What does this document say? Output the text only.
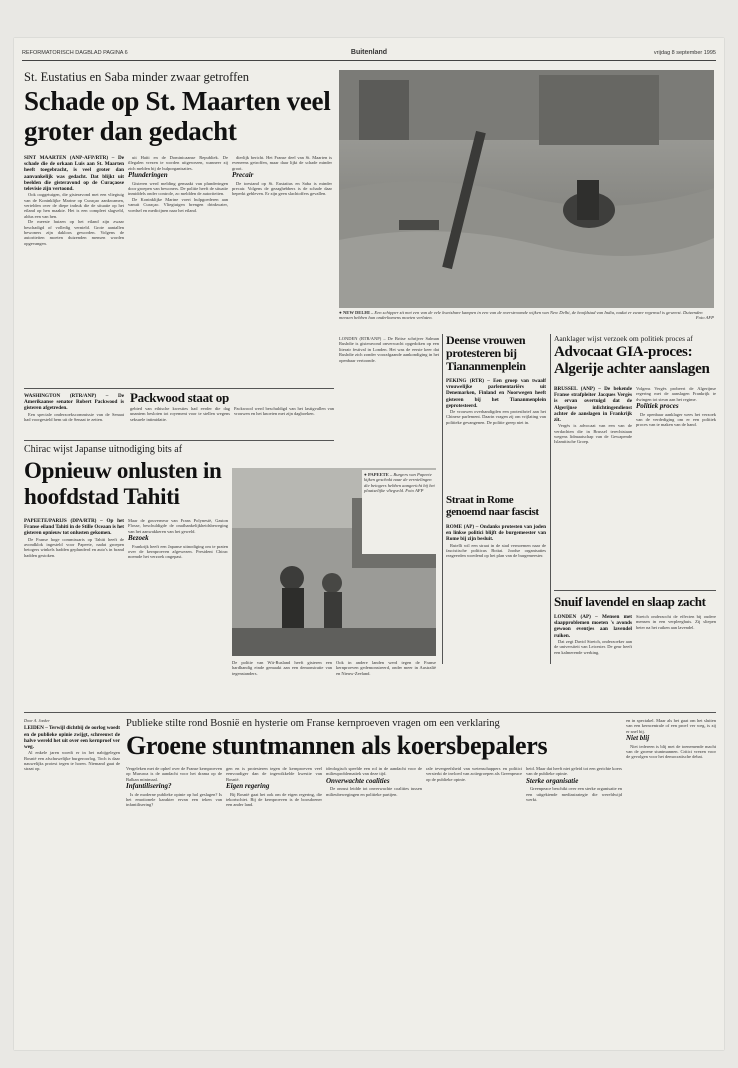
REFORMATORISCH DAGBLAD PAGINA 6	Buitenland	vrijdag 8 september 1995
St. Eustatius en Saba minder zwaar getroffen
Schade op St. Maarten veel groter dan gedacht
SINT MAARTEN (ANP-AFP/RTR) – De schade die de orkaan Luis aan St. Maarten heeft toegebracht, is veel groter dan aanvankelijk was gedacht. Dat blijkt uit beelden die gisteravond op de Curaçaose televisie zijn vertoond.

Ook ooggetuigen, die gisteravond met een vliegtuig van de Koninklijke Marine op Curaçao aankwamen, vertelden over de diepe indruk die de situatie op het eiland op hen maakte. Het is een compleet slagveld, aldus een van hen.

De meeste huizen op het eiland zijn zwaar beschadigd of volledig vernield. Grote aantallen bewoners zijn dakloos geworden. Volgens de autoriteiten moeten duizenden mensen worden opgevangen.

uit Haïti en de Dominicaanse Republiek. De illegalen vrezen te worden uitgewezen, wanneer zij zich melden bij de hulporganisaties.

Plunderingen

Gisteren werd melding gemaakt van plunderingen door groepen van bewoners. De politie heeft de situatie inmiddels onder controle, zo meldden de autoriteiten.

De Koninklijke Marine voert hulpgoederen aan vanuit Curaçao. Vliegtuigen brengen drinkwater, voedsel en medicijnen naar het eiland.

dierlijk bericht. Het Franse deel van St. Maarten is eveneens getroffen, maar daar lijkt de schade minder groot.

Precair

De toestand op St. Eustatius en Saba is minder precair. Volgens de gezaghebbers is de schade daar beperkt gebleven. Er zijn geen slachtoffers gevallen.

● NEW DELHI – Een schipper zit met een van de vele kwetsbare kampen in een van de overstroomde wijken van New Delhi, de hoofdstad van India, nadat er zware regenval is geweest. Duizenden mensen hebben hun onderkomens moeten verlaten.	Foto AFP

LONDEN (RTR/ANP) – De Britse schrijver Salman Rushdie is gisteravond onverwacht opgedoken op een literair festival in Londen. Het was de eerste keer dat Rushdie zich zonder voorafgaande aankondiging in het openbaar vertoonde.

WASHINGTON (RTR/ANP) – De Amerikaanse senator Robert Packwood is gisteren afgetreden.

Een speciale onderzoekscommissie van de Senaat had voorgesteld hem uit de Senaat te zetten.

Packwood staat op

gebied van ethische kwesties had eerder die dag unaniem besloten tot royement voor te stellen wegens seksuele intimidatie.

Packwood werd beschuldigd van het lastigvallen van vrouwen en het knoeien met zijn dagboeken.

Deense vrouwen protesteren bij Tiananmenplein
PEKING (RTR) – Een groep van twaalf vrouwelijke parlementariërs uit Denemarken, Finland en Noorwegen heeft gisteren bij het Tiananmenplein geprotesteerd.

De vrouwen overhandigden een protestbrief aan het Chinese parlement. Daarin vragen zij om vrijlating van politieke gevangenen. De politie greep niet in.

Aanklager wijst verzoek om politiek proces af
Advocaat GIA-proces: Algerije achter aanslagen
BRUSSEL (ANP) – De bekende Franse strafpleiter Jacques Vergès is ervan overtuigd dat de Algerijnse inlichtingendienst achter de aanslagen in Frankrijk zit.

Vergès is advocaat van een van de verdachten die in Brussel terechtstaan wegens lidmaatschap van de Gewapende Islamitische Groep.

Volgens Vergès probeert de Algerijnse regering met de aanslagen Frankrijk te dwingen tot steun aan het regime.

Politiek proces

De openbaar aanklager wees het verzoek van de verdediging om er een politiek proces van te maken van de hand.

Chirac wijst Japanse uitnodiging bits af
Opnieuw onlusten in hoofdstad Tahiti
PAPEETE/PARIJS (DPA/RTR) – Op het Franse eiland Tahiti in de Stille Oceaan is het gisteren opnieuw tot onlusten gekomen.

De Franse hoge commissaris op Tahiti heeft de avondklok ingesteld voor Papeete, nadat groepen betogers winkels hadden geplunderd en auto's in brand hadden gestoken.

Maar de gouverneur van Frans Polynesië, Gaston Flosse, beschuldigde de onafhankelijkheidsbeweging van het aanwakkeren van het geweld.

Bezoek

Frankrijk heeft een Japanse uitnodiging om te praten over de kernproeven afgewezen. President Chirac noemde het verzoek ongepast.

● PAPEETE – Burgers van Papeete kijken geschokt naar de vernielingen die betogers hebben aangericht bij het plaatselijke vliegveld. Foto AFP

De politie van Wit-Rusland heeft gisteren een hardhandig einde gemaakt aan een demonstratie van tegenstanders.

Ook in andere landen werd tegen de Franse kernproeven gedemonstreerd, onder meer in Australië en Nieuw-Zeeland.

Straat in Rome genoemd naar fascist
ROME (AP) – Ondanks protesten van joden en linkse politici blijft de burgemeester van Rome bij zijn besluit.

Rutelli wil een straat in de stad vernoemen naar de fascistische politicus Bottai. Joodse organisaties reageerden woedend op het plan van de burgemeester.

Snuif lavendel en slaap zacht
LONDEN (AP) – Mensen met slaapproblemen moeten 's avonds gewoon eventjes aan lavendel ruiken.

Dat zegt David Stretch, onderzoeker aan de universiteit van Leicester. De geur heeft een kalmerende werking.

Stretch onderzocht de effecten bij oudere mensen in een verpleeghuis. Zij sliepen beter na het ruiken aan lavendel.

Door A. Jonker
LEIDEN – Terwijl dichtbij de oorlog woedt en de publieke opinie zwijgt, schreeuwt de halve wereld het uit over een kernproef ver weg.

Al enkele jaren woedt er in het nabijgelegen Bosnië een afschuwelijke burgeroorlog. Toch is daar nauwelijks protest tegen te horen. Niemand gaat de straat op.

Publieke stilte rond Bosnië en hysterie om Franse kernproeven vragen om een verklaring
Groene stuntmannen als koersbepalers

Vergeleken met de ophef over de Franse kernproeven op Mururoa is de aandacht voor het drama op de Balkan minimaal.

Infantilisering?

Is de moderne publieke opinie op hol geslagen? Is het emotionele karakter ervan een teken van infantilisering?

gen en is protesteren tegen de kernproeven veel eenvoudiger dan de ingewikkelde kwestie van Bosnië.

Eigen regering

Bij Bosnië gaat het ook om de eigen regering, die tekortschiet. Bij de kernproeven is de boosdoener een ander land.

ideologisch speelde een rol in de aandacht voor de milieuproblematiek van deze tijd.

Onverwachte coalities

De onrust leidde tot onverwachte coalities tussen milieubewegingen en politieke partijen.

rale tevergeefsheid van wetenschappers en politici versterkt de invloed van actiegroepen als Greenpeace op de publieke opinie.

heid. Maar dat heeft niet geleid tot een gerichte koers van de publieke opinie.

Sterke organisatie

Greenpeace beschikt over een sterke organisatie en een uitgekiende mediastrategie die wereldwijd werkt.

en in spectakel. Maar als het gaat om het sluiten van een kerncentrale of een proef ver weg, is zij er snel bij.

Niet blij

Niet iedereen is blij met de toenemende macht van de groene stuntmannen. Critici vrezen voor de gevolgen voor het democratische debat.
